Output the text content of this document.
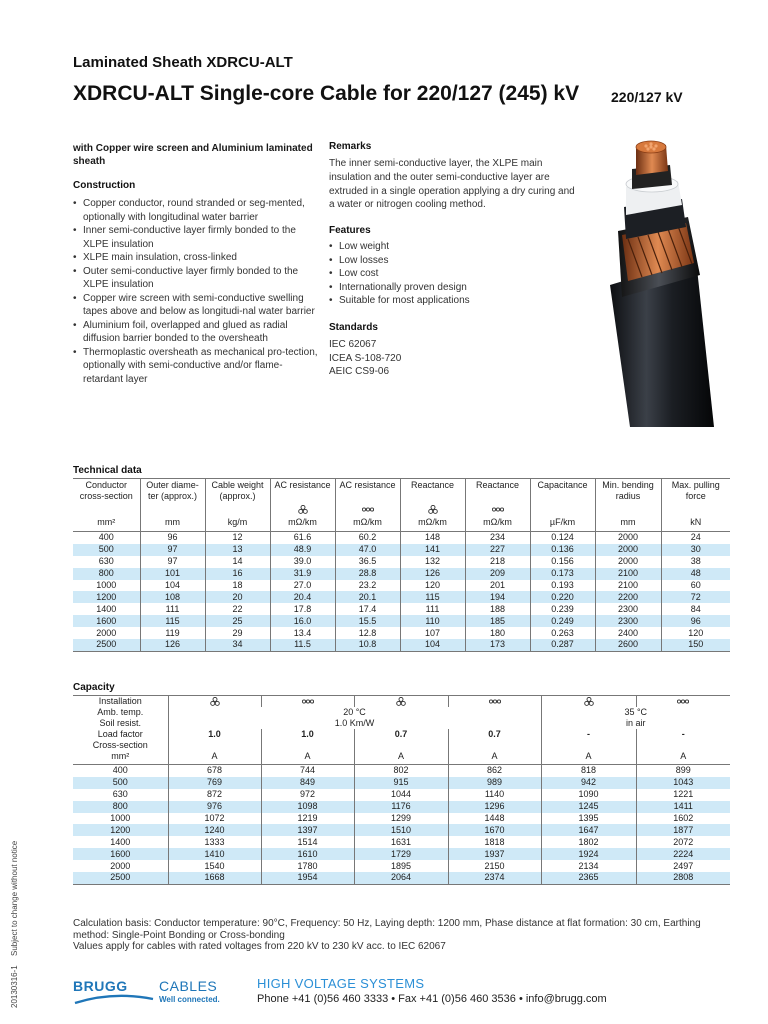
Laminated Sheath XDRCU-ALT
XDRCU-ALT Single-core Cable for 220/127 (245) kV	220/127 kV
with Copper wire screen and Aluminium laminated sheath
Construction
• Copper conductor, round stranded or seg-mented, optionally with longitudinal water barrier
• Inner semi-conductive layer firmly bonded to the XLPE insulation
• XLPE main insulation, cross-linked
• Outer semi-conductive layer firmly bonded to the XLPE insulation
• Copper wire screen with semi-conductive swelling tapes above and below as longitudi-nal water barrier
• Aluminium foil, overlapped and glued as radial diffusion barrier bonded to the oversheath
• Thermoplastic oversheath as mechanical pro-tection, optionally with semi-conductive and/or flame-retardant layer
Remarks
The inner semi-conductive layer, the XLPE main insulation and the outer semi-conductive layer are extruded in a single operation applying a dry curing and a water or nitrogen cooling method.
Features
• Low weight
• Low losses
• Low cost
• Internationally proven design
• Suitable for most applications
Standards
IEC 62067
ICEA S-108-720
AEIC CS9-06
Technical data
Conductor cross-section	Outer diame-ter (approx.)	Cable weight (approx.)	AC resistance	AC resistance	Reactance	Reactance	Capacitance	Min. bending radius	Max. pulling force

mm²	mm	kg/m	mΩ/km	mΩ/km	mΩ/km	mΩ/km	µF/km	mm	kN
400	96	12	61.6	60.2	148	234	0.124	2000	24
500	97	13	48.9	47.0	141	227	0.136	2000	30
630	97	14	39.0	36.5	132	218	0.156	2000	38
800	101	16	31.9	28.8	126	209	0.173	2100	48
1000	104	18	27.0	23.2	120	201	0.193	2100	60
1200	108	20	20.4	20.1	115	194	0.220	2200	72
1400	111	22	17.8	17.4	111	188	0.239	2300	84
1600	115	25	16.0	15.5	110	185	0.249	2300	96
2000	119	29	13.4	12.8	107	180	0.263	2400	120
2500	126	34	11.5	10.8	104	173	0.287	2600	150
Capacity
Installation						
Amb. temp.	20 °C				35 °C	
Soil resist.	1.0 Km/W				in air	
Load factor	1.0	1.0	0.7	0.7	-	-
Cross-section						
mm²	A	A	A	A	A	A
400	678	744	802	862	818	899
500	769	849	915	989	942	1043
630	872	972	1044	1140	1090	1221
800	976	1098	1176	1296	1245	1411
1000	1072	1219	1299	1448	1395	1602
1200	1240	1397	1510	1670	1647	1877
1400	1333	1514	1631	1818	1802	2072
1600	1410	1610	1729	1937	1924	2224
2000	1540	1780	1895	2150	2134	2497
2500	1668	1954	2064	2374	2365	2808
Calculation basis: Conductor temperature: 90°C, Frequency: 50 Hz, Laying depth: 1200 mm, Phase distance at flat formation: 30 cm, Earthing method: Single-Point Bonding or Cross-bonding
Values apply for cables with rated voltages from 220 kV to 230 kV acc. to IEC 62067
Subject to change without notice
20130316-1	BRUGG CABLES
Well connected.
HIGH VOLTAGE SYSTEMS
Phone +41 (0)56 460 3333 • Fax +41 (0)56 460 3536 • info@brugg.com
